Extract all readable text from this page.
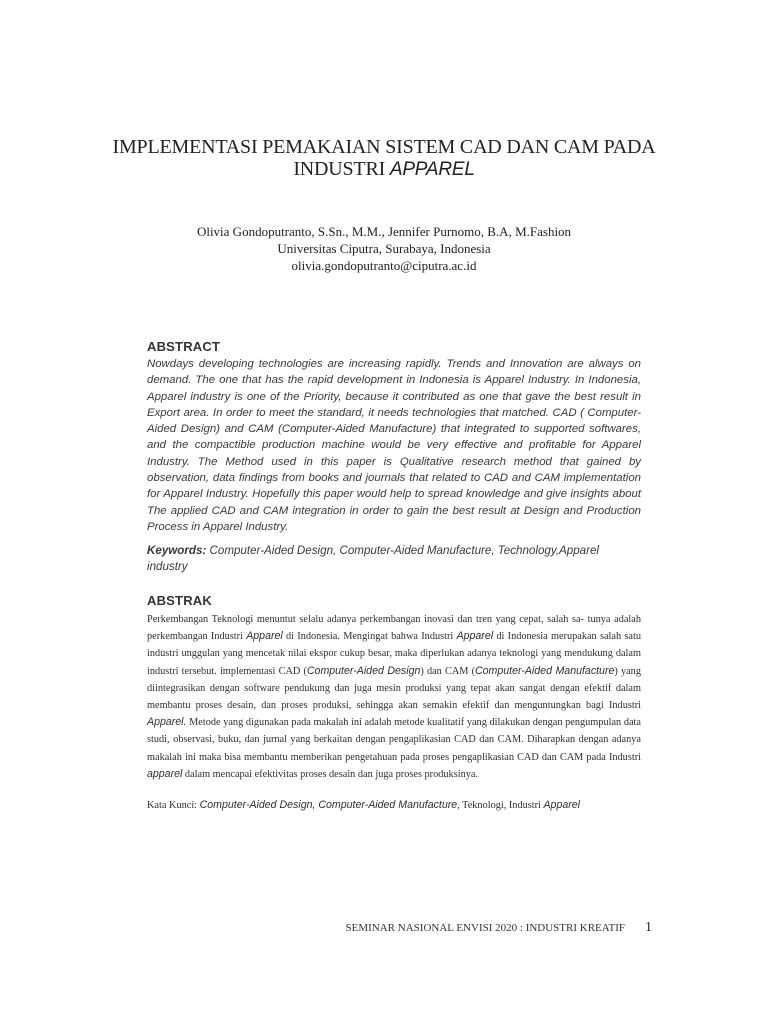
IMPLEMENTASI PEMAKAIAN SISTEM CAD DAN CAM PADA
INDUSTRI APPAREL
Olivia Gondoputranto, S.Sn., M.M., Jennifer Purnomo, B.A, M.Fashion
Universitas Ciputra, Surabaya, Indonesia
olivia.gondoputranto@ciputra.ac.id
ABSTRACT
Nowdays developing technologies are increasing rapidly. Trends and Innovation are always on demand. The one that has the rapid development in Indonesia is Apparel Industry. In Indonesia, Apparel industry is one of the Priority, because it contributed as one that gave the best result in Export area. In order to meet the standard, it needs technologies that matched. CAD ( Computer-Aided Design) and CAM (Computer-Aided Manufacture) that integrated to supported softwares, and the compactible production machine would be very effective and profitable for Apparel Industry. The Method used in this paper is Qualitative research method that gained by observation, data findings from books and journals that related to CAD and CAM implementation for Apparel Industry. Hopefully this paper would help to spread knowledge and give insights about The applied CAD and CAM integration in order to gain the best result at Design and Production Process in Apparel Industry.
Keywords: Computer-Aided Design, Computer-Aided Manufacture, Technology,Apparel industry
ABSTRAK
Perkembangan Teknologi menuntut selalu adanya perkembangan inovasi dan tren yang cepat, salah sa- tunya adalah perkembangan Industri Apparel di Indonesia. Mengingat bahwa Industri Apparel di Indonesia merupakan salah satu industri unggulan yang mencetak nilai ekspor cukup besar, maka diperlukan adanya teknologi yang mendukung dalam industri tersebut. implementasi CAD (Computer-Aided Design) dan CAM (Computer-Aided Manufacture) yang diintegrasikan dengan software pendukung dan juga mesin produksi yang tepat akan sangat dengan efektif dalam membantu proses desain, dan proses produksi, sehingga akan semakin efektif dan menguntungkan bagi Industri Apparel. Metode yang digunakan pada makalah ini adalah metode kualitatif yang dilakukan dengan pengumpulan data studi, observasi, buku, dan jurnal yang berkaitan dengan pengaplikasian CAD dan CAM. Diharapkan dengan adanya makalah ini maka bisa membantu memberikan pengetahuan pada proses pengaplikasian CAD dan CAM pada Industri apparel dalam mencapai efektivitas proses desain dan juga proses produksinya.
Kata Kunci: Computer-Aided Design, Computer-Aided Manufacture, Teknologi, Industri Apparel
SEMINAR NASIONAL ENVISI 2020 : INDUSTRI KREATIF 1
